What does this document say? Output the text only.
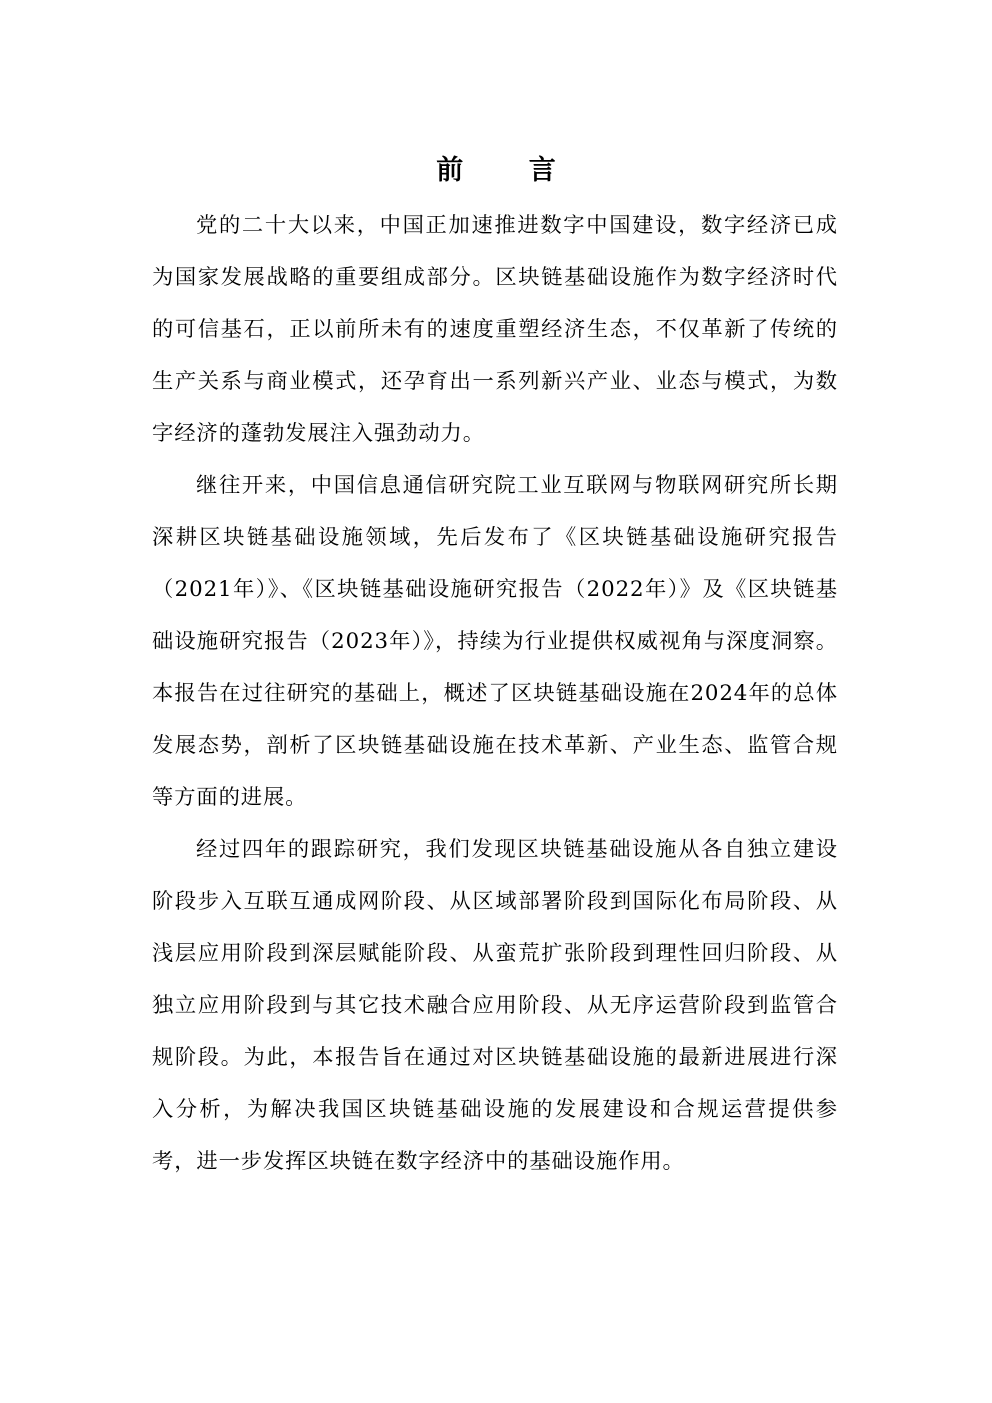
前 言

党的二十大以来，中国正加速推进数字中国建设，数字经济已成为国家发展战略的重要组成部分。区块链基础设施作为数字经济时代的可信基石，正以前所未有的速度重塑经济生态，不仅革新了传统的生产关系与商业模式，还孕育出一系列新兴产业、业态与模式，为数字经济的蓬勃发展注入强劲动力。

继往开来，中国信息通信研究院工业互联网与物联网研究所长期深耕区块链基础设施领域，先后发布了《区块链基础设施研究报告（2021年）》、《区块链基础设施研究报告（2022年）》及《区块链基础设施研究报告（2023年）》，持续为行业提供权威视角与深度洞察。本报告在过往研究的基础上，概述了区块链基础设施在2024年的总体发展态势，剖析了区块链基础设施在技术革新、产业生态、监管合规等方面的进展。

经过四年的跟踪研究，我们发现区块链基础设施从各自独立建设阶段步入互联互通成网阶段、从区域部署阶段到国际化布局阶段、从浅层应用阶段到深层赋能阶段、从蛮荒扩张阶段到理性回归阶段、从独立应用阶段到与其它技术融合应用阶段、从无序运营阶段到监管合规阶段。为此，本报告旨在通过对区块链基础设施的最新进展进行深入分析，为解决我国区块链基础设施的发展建设和合规运营提供参考，进一步发挥区块链在数字经济中的基础设施作用。
